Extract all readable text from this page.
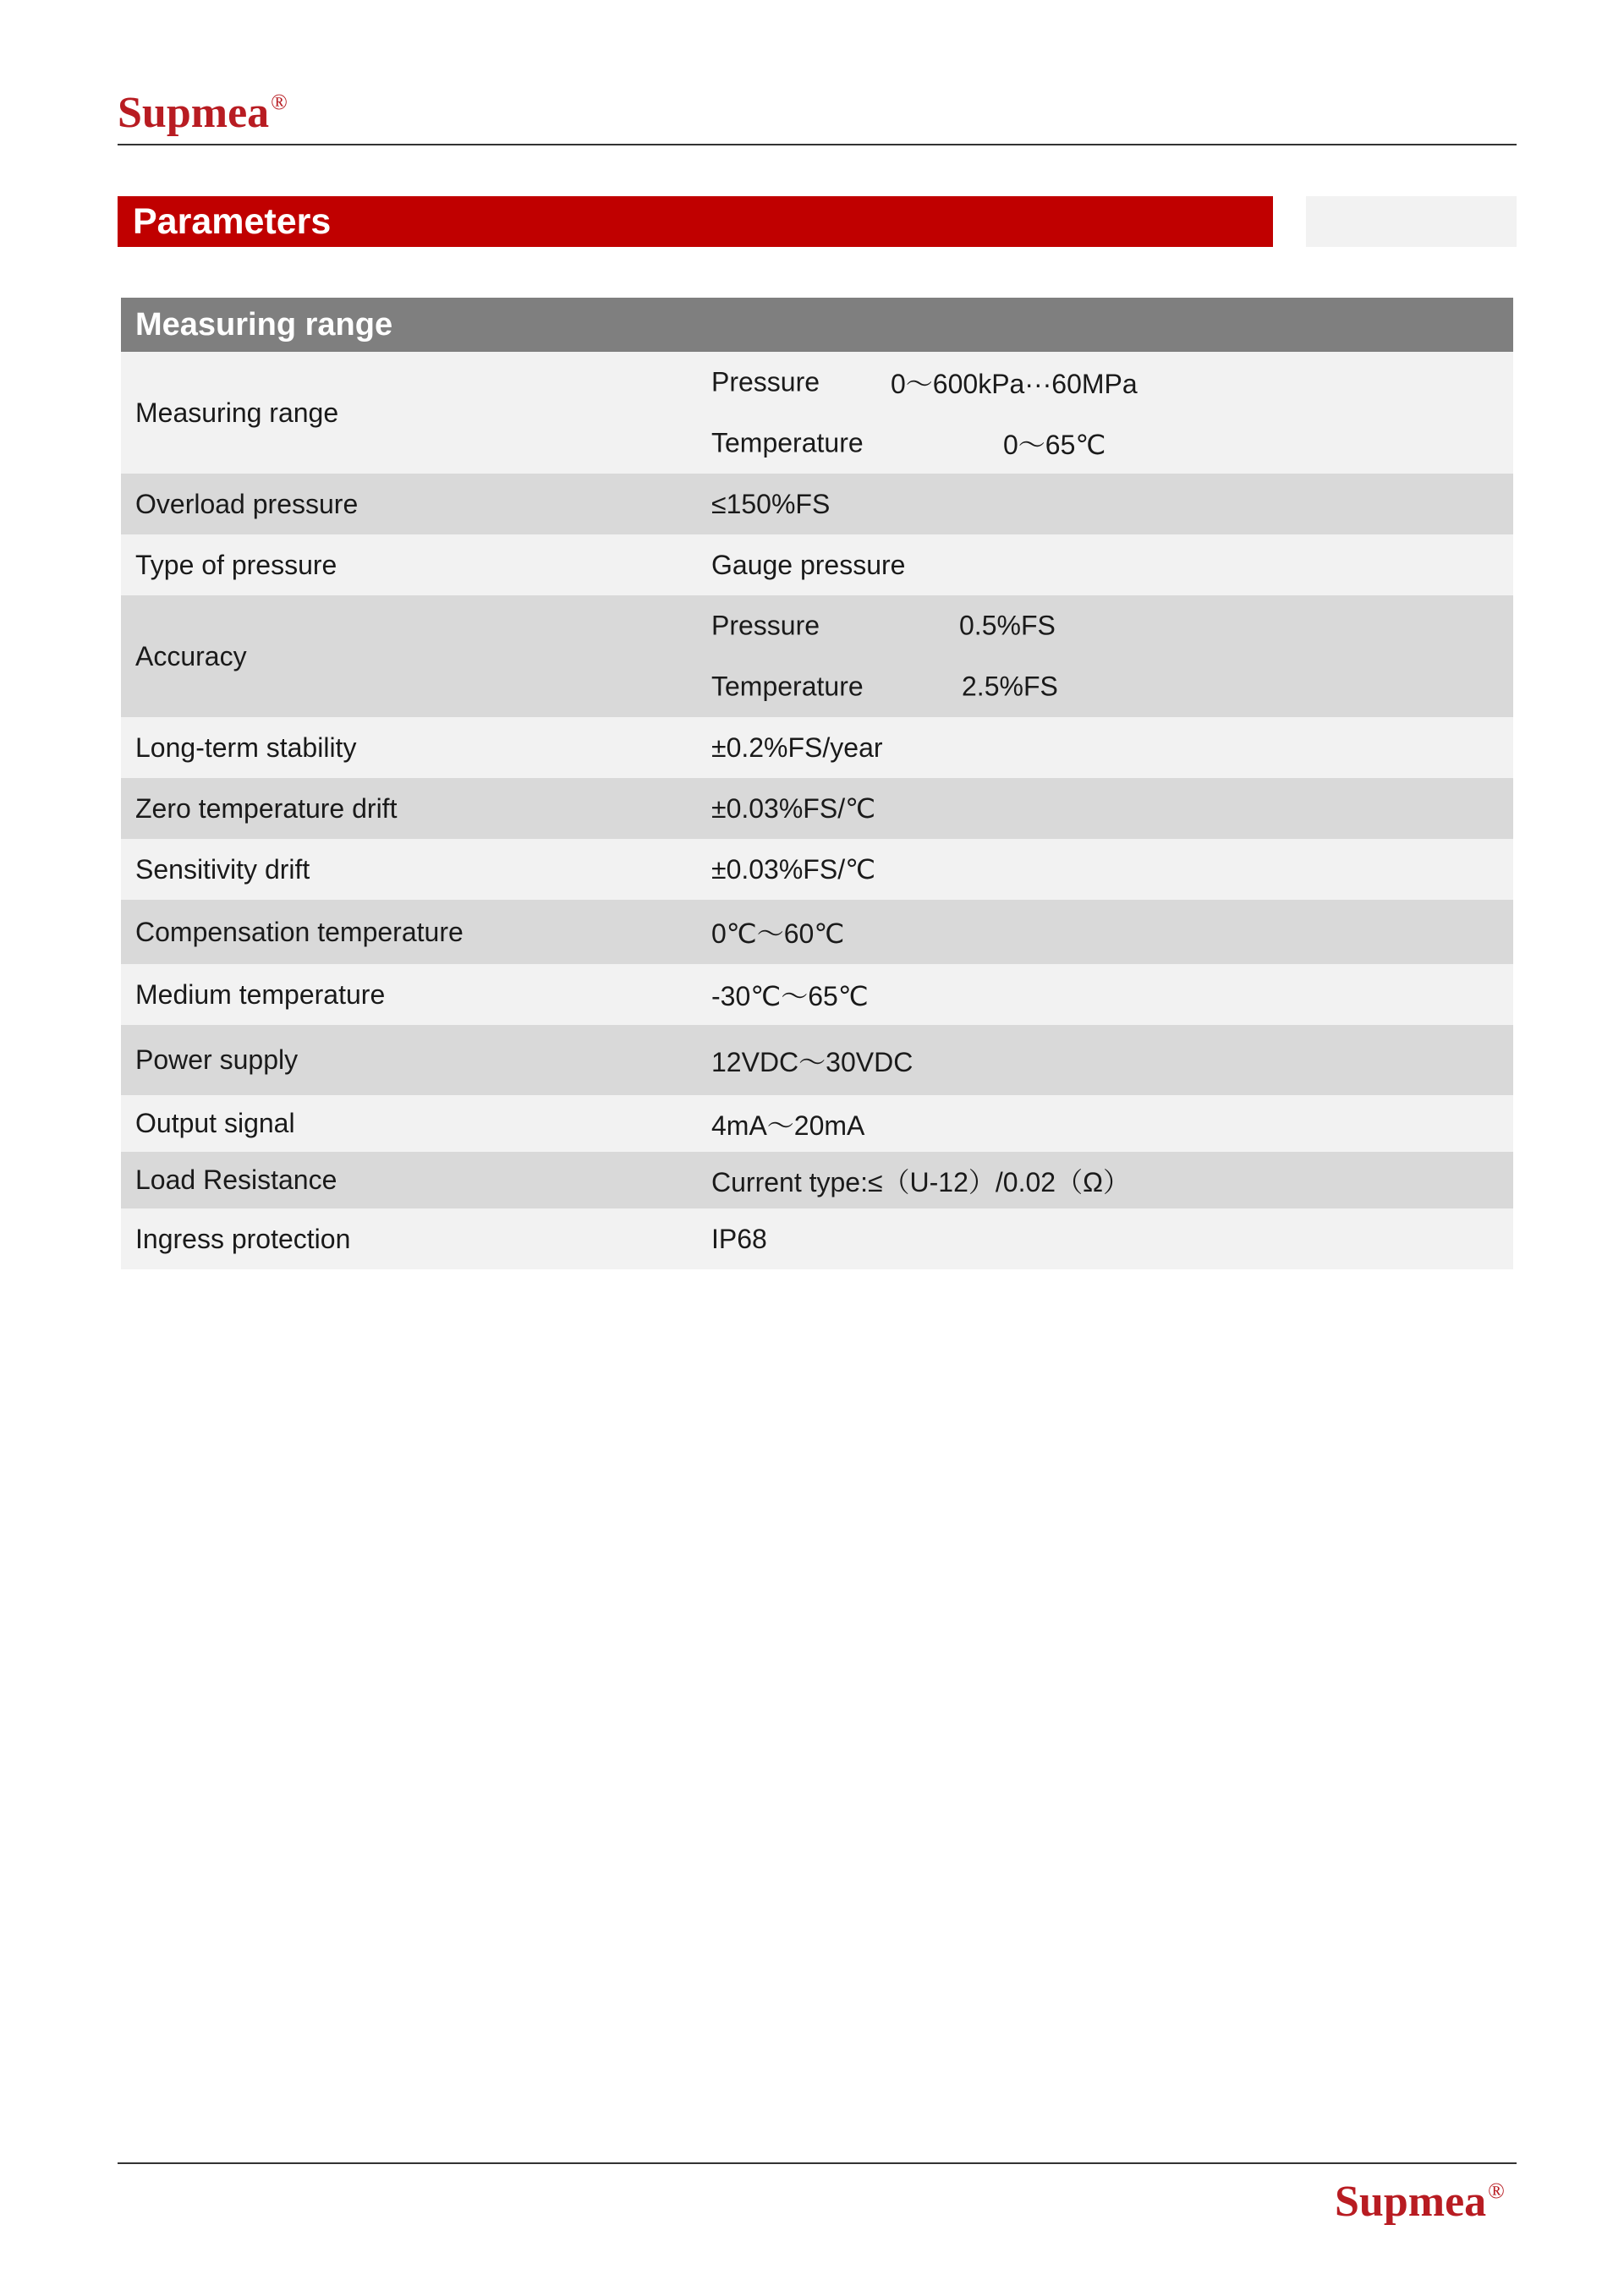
Supmea®
Parameters
Measuring range
Measuring range
Pressure	0～600kPa···60MPa
Temperature	0～65℃
Overload pressure	≤150%FS
Type of pressure	Gauge pressure
Accuracy
Pressure	0.5%FS
Temperature	2.5%FS
Long-term stability	±0.2%FS/year
Zero temperature drift	±0.03%FS/℃
Sensitivity drift	±0.03%FS/℃
Compensation temperature	0℃～60℃
Medium temperature	-30℃～65℃
Power supply	12VDC～30VDC
Output signal	4mA～20mA
Load Resistance	Current type:≤（U-12）/0.02（Ω）
Ingress protection	IP68
Supmea®
